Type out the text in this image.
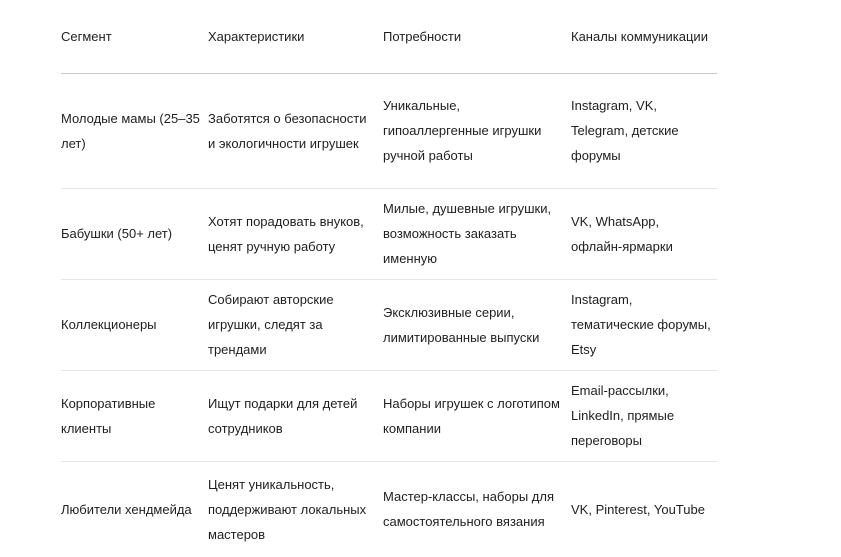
Сегмент	Характеристики	Потребности	Каналы коммуникации
Молодые мамы (25–35 лет)	Заботятся о безопасности и экологичности игрушек	Уникальные, гипоаллергенные игрушки ручной работы	Instagram, VK, Telegram, детские форумы
Бабушки (50+ лет)	Хотят порадовать внуков, ценят ручную работу	Милые, душевные игрушки, возможность заказать именную	VK, WhatsApp, офлайн-ярмарки
Коллекционеры	Собирают авторские игрушки, следят за трендами	Эксклюзивные серии, лимитированные выпуски	Instagram, тематические форумы, Etsy
Корпоративные клиенты	Ищут подарки для детей сотрудников	Наборы игрушек с логотипом компании	Email-рассылки, LinkedIn, прямые переговоры
Любители хендмейда	Ценят уникальность, поддерживают локальных мастеров	Мастер-классы, наборы для самостоятельного вязания	VK, Pinterest, YouTube
